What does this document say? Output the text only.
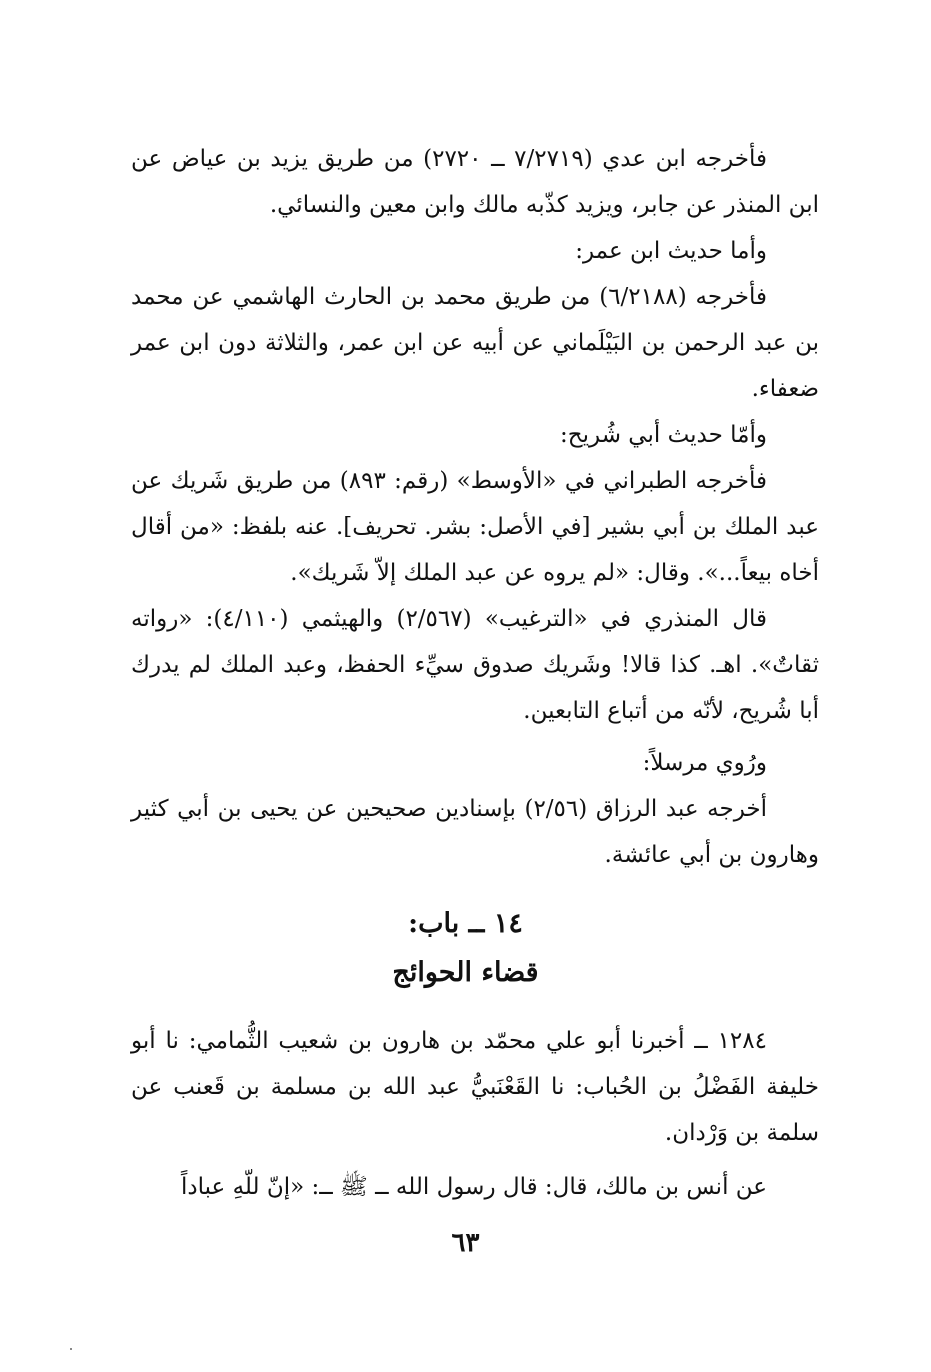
فأخرجه ابن عدي (٧/٢٧١٩ ــ ٢٧٢٠) من طريق يزيد بن عياض عن ابن المنذر عن جابر، ويزيد كذّبه مالك وابن معين والنسائي.

وأما حديث ابن عمر:

فأخرجه (٦/٢١٨٨) من طريق محمد بن الحارث الهاشمي عن محمد بن عبد الرحمن بن البَيْلَماني عن أبيه عن ابن عمر، والثلاثة دون ابن عمر ضعفاء.

وأمّا حديث أبي شُريح:

فأخرجه الطبراني في «الأوسط» (رقم: ٨٩٣) من طريق شَريك عن عبد الملك بن أبي بشير [في الأصل: بشر. تحريف]. عنه بلفظ: «من أقال أخاه بيعاً...». وقال: «لم يروه عن عبد الملك إلاّ شَريك».

قال المنذري في «الترغيب» (٢/٥٦٧) والهيثمي (٤/١١٠): «رواته ثقاتٌ». اهـ. كذا قالا! وشَريك صدوق سيِّء الحفظ، وعبد الملك لم يدرك أبا شُريح، لأنّه من أتباع التابعين.

ورُوي مرسلاً:

أخرجه عبد الرزاق (٢/٥٦) بإسنادين صحيحين عن يحيى بن أبي كثير وهارون بن أبي عائشة.

١٤ ــ باب:
قضاء الحوائج

١٢٨٤ ــ أخبرنا أبو علي محمّد بن هارون بن شعيب الثُّمامي: نا أبو خليفة الفَضْلُ بن الحُباب: نا القَعْنَبيُّ عبد الله بن مسلمة بن قَعنب عن سلمة بن وَرْدان.

عن أنس بن مالك، قال: قال رسول الله ــ ﷺ ــ: «إنّ للّهِ عباداً

٦٣
